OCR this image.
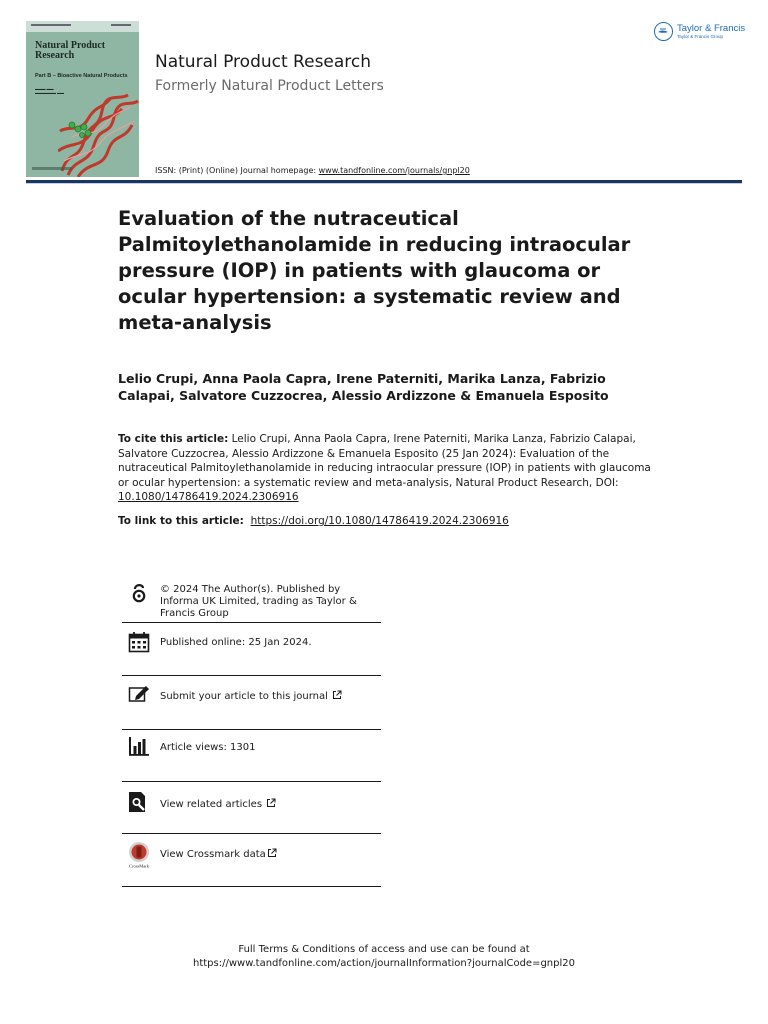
Natural Product Research
Part B – Bioactive Natural Products
▬▬▬ ▬▬
▬▬▬▬▬▬ ▬▬
Taylor & Francis
Taylor & Francis Group
Natural Product Research
Formerly Natural Product Letters
ISSN: (Print) (Online) Journal homepage: www.tandfonline.com/journals/gnpl20
Evaluation of the nutraceutical Palmitoylethanolamide in reducing intraocular pressure (IOP) in patients with glaucoma or ocular hypertension: a systematic review and meta-analysis
Lelio Crupi, Anna Paola Capra, Irene Paterniti, Marika Lanza, Fabrizio Calapai, Salvatore Cuzzocrea, Alessio Ardizzone & Emanuela Esposito
To cite this article: Lelio Crupi, Anna Paola Capra, Irene Paterniti, Marika Lanza, Fabrizio Calapai, Salvatore Cuzzocrea, Alessio Ardizzone & Emanuela Esposito (25 Jan 2024): Evaluation of the nutraceutical Palmitoylethanolamide in reducing intraocular pressure (IOP) in patients with glaucoma or ocular hypertension: a systematic review and meta-analysis, Natural Product Research, DOI: 10.1080/14786419.2024.2306916
To link to this article: https://doi.org/10.1080/14786419.2024.2306916
© 2024 The Author(s). Published by Informa UK Limited, trading as Taylor & Francis Group
Published online: 25 Jan 2024.
Submit your article to this journal
Article views: 1301
View related articles
CrossMark
View Crossmark data
Full Terms & Conditions of access and use can be found at
https://www.tandfonline.com/action/journalInformation?journalCode=gnpl20
